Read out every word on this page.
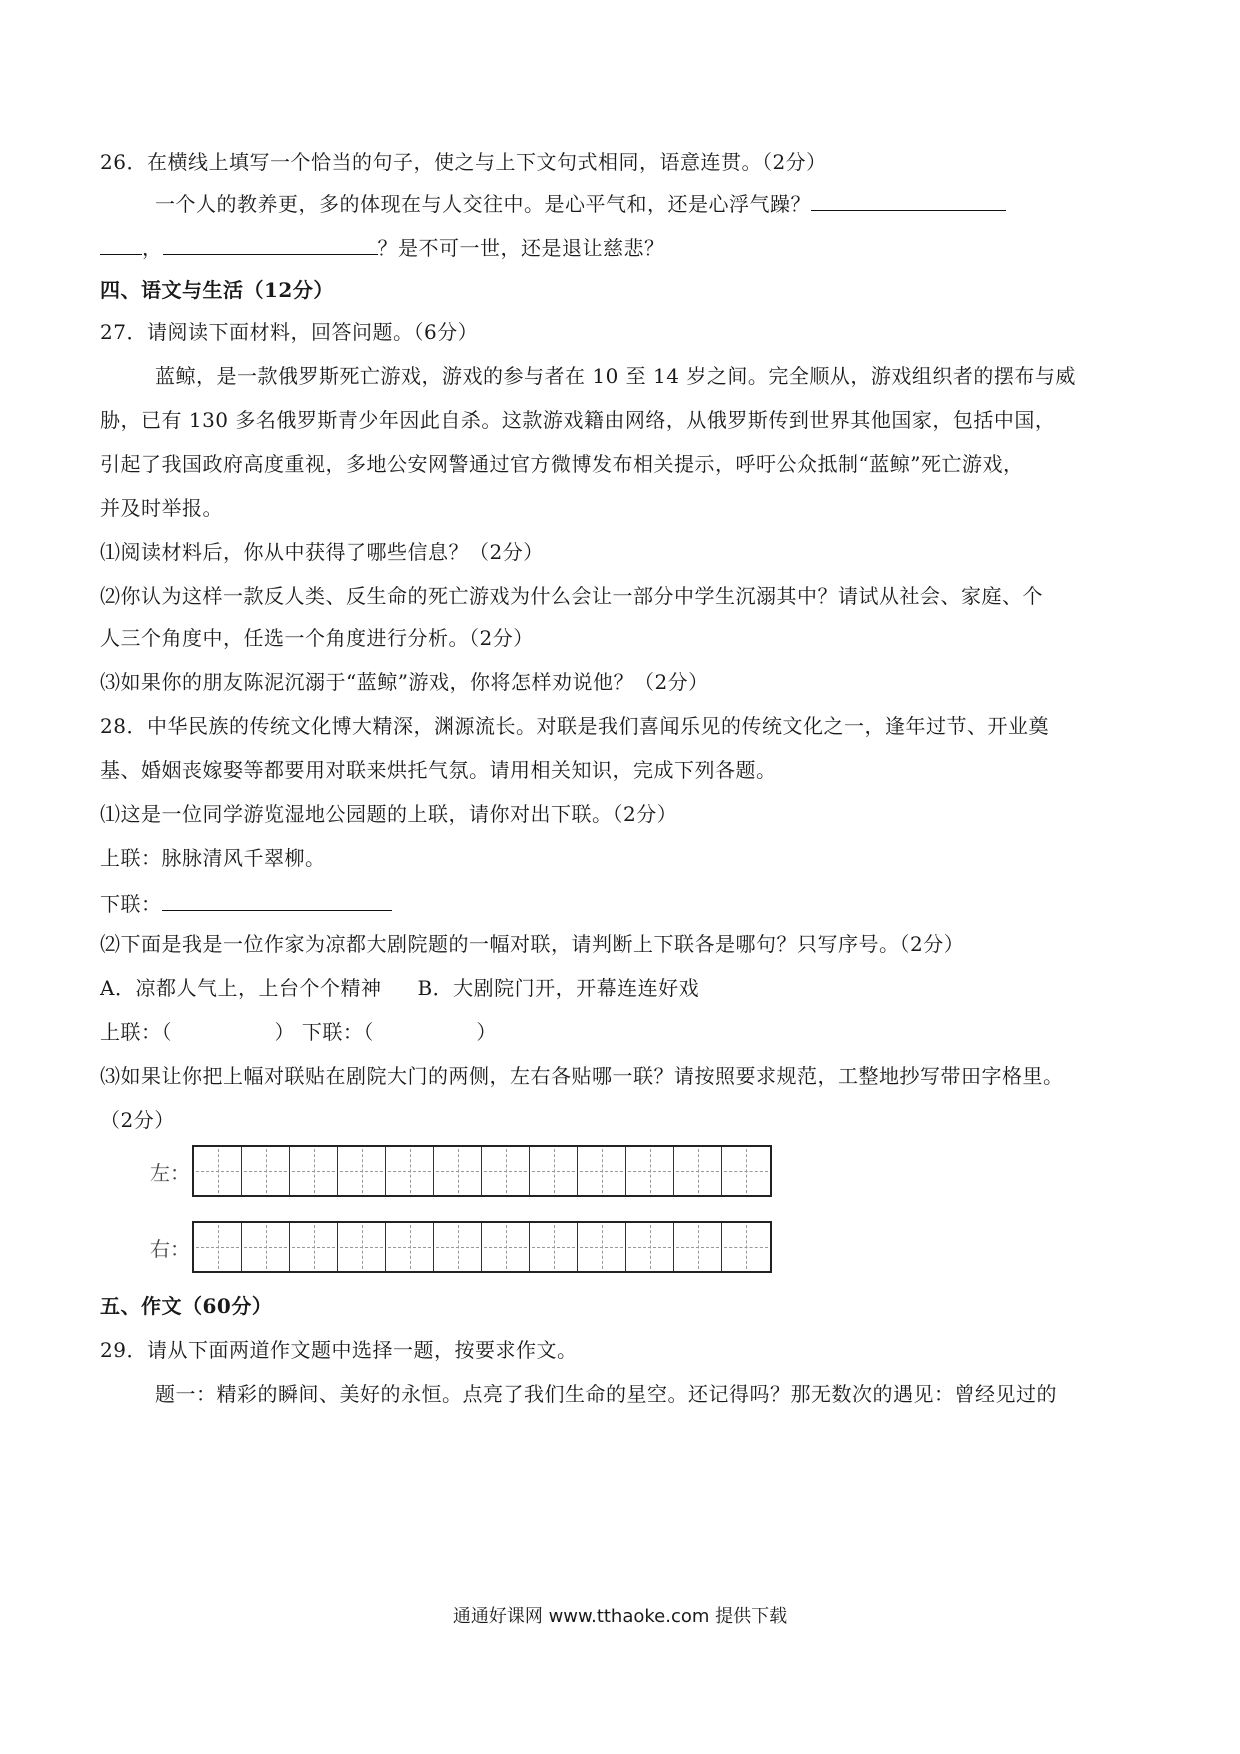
26．在横线上填写一个恰当的句子，使之与上下文句式相同，语意连贯。（2分）
一个人的教养更，多的体现在与人交往中。是心平气和，还是心浮气躁？
，	？是不可一世，还是退让慈悲？
四、语文与生活（12分）
27．请阅读下面材料，回答问题。（6分）
蓝鲸，是一款俄罗斯死亡游戏，游戏的参与者在 10 至 14 岁之间。完全顺从，游戏组织者的摆布与威
胁，已有 130 多名俄罗斯青少年因此自杀。这款游戏籍由网络，从俄罗斯传到世界其他国家，包括中国，
引起了我国政府高度重视，多地公安网警通过官方微博发布相关提示，呼吁公众抵制“蓝鲸”死亡游戏，
并及时举报。
⑴阅读材料后，你从中获得了哪些信息？（2分）
⑵你认为这样一款反人类、反生命的死亡游戏为什么会让一部分中学生沉溺其中？请试从社会、家庭、个
人三个角度中，任选一个角度进行分析。（2分）
⑶如果你的朋友陈泥沉溺于“蓝鲸”游戏，你将怎样劝说他？（2分）
28．中华民族的传统文化博大精深，渊源流长。对联是我们喜闻乐见的传统文化之一，逢年过节、开业奠
基、婚姻丧嫁娶等都要用对联来烘托气氛。请用相关知识，完成下列各题。
⑴这是一位同学游览湿地公园题的上联，请你对出下联。（2分）
上联：脉脉清风千翠柳。
下联：
⑵下面是我是一位作家为凉都大剧院题的一幅对联，请判断上下联各是哪句？只写序号。（2分）
A．凉都人气上，上台个个精神 B．大剧院门开，开幕连连好戏
上联：（　　　　　） 下联：（　　　　　）
⑶如果让你把上幅对联贴在剧院大门的两侧，左右各贴哪一联？请按照要求规范，工整地抄写带田字格里。
（2分）
左：
右：
五、作文（60分）
29．请从下面两道作文题中选择一题，按要求作文。
题一：精彩的瞬间、美好的永恒。点亮了我们生命的星空。还记得吗？那无数次的遇见：曾经见过的
通通好课网 www.tthaoke.com 提供下载
